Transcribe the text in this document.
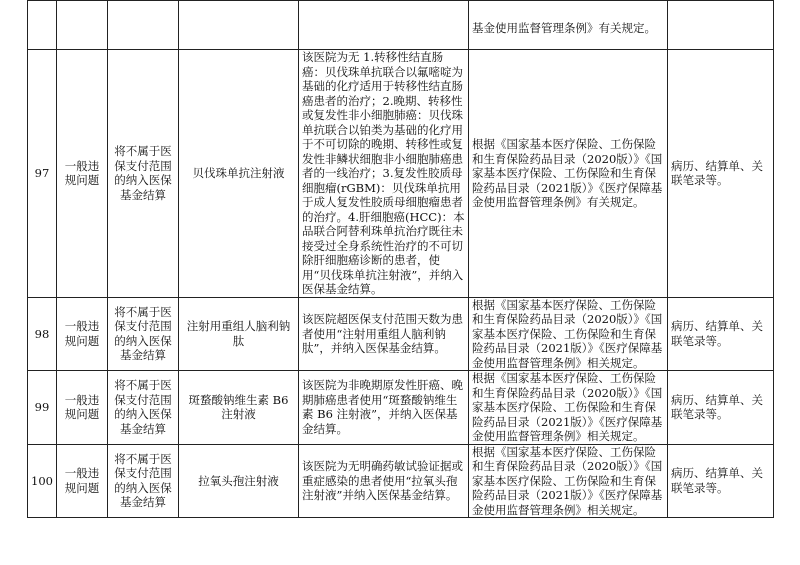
					基金使用监督管理条例》有关规定。	

97	一般违规问题	将不属于医保支付范围的纳入医保基金结算	贝伐珠单抗注射液	该医院为无 1.转移性结直肠癌：贝伐珠单抗联合以氟嘧啶为基础的化疗适用于转移性结直肠癌患者的治疗；2.晚期、转移性或复发性非小细胞肺癌：贝伐珠单抗联合以铂类为基础的化疗用于不可切除的晚期、转移性或复发性非鳞状细胞非小细胞肺癌患者的一线治疗；3.复发性胶质母细胞瘤(rGBM)：贝伐珠单抗用于成人复发性胶质母细胞瘤患者的治疗。4.肝细胞癌(HCC)：本品联合阿替利珠单抗治疗既往未接受过全身系统性治疗的不可切除肝细胞癌诊断的患者，使用“贝伐珠单抗注射液”，并纳入医保基金结算。	根据《国家基本医疗保险、工伤保险和生育保险药品目录（2020版）》《国家基本医疗保险、工伤保险和生育保险药品目录（2021版）》《医疗保障基金使用监督管理条例》有关规定。	病历、结算单、关联笔录等。
98	一般违规问题	将不属于医保支付范围的纳入医保基金结算	注射用重组人脑利钠肽	该医院超医保支付范围天数为患者使用“注射用重组人脑利钠肽”，并纳入医保基金结算。	根据《国家基本医疗保险、工伤保险和生育保险药品目录（2020版）》《国家基本医疗保险、工伤保险和生育保险药品目录（2021版）》《医疗保障基金使用监督管理条例》相关规定。	病历、结算单、关联笔录等。
99	一般违规问题	将不属于医保支付范围的纳入医保基金结算	斑蝥酸钠维生素 B6 注射液	该医院为非晚期原发性肝癌、晚期肺癌患者使用“斑蝥酸钠维生素 B6 注射液”，并纳入医保基金结算。	根据《国家基本医疗保险、工伤保险和生育保险药品目录（2020版）》《国家基本医疗保险、工伤保险和生育保险药品目录（2021版）》《医疗保障基金使用监督管理条例》相关规定。	病历、结算单、关联笔录等。
100	一般违规问题	将不属于医保支付范围的纳入医保基金结算	拉氧头孢注射液	该医院为无明确药敏试验证据或重症感染的患者使用“拉氧头孢注射液”并纳入医保基金结算。	根据《国家基本医疗保险、工伤保险和生育保险药品目录（2020版）》《国家基本医疗保险、工伤保险和生育保险药品目录（2021版）》《医疗保障基金使用监督管理条例》相关规定。	病历、结算单、关联笔录等。
